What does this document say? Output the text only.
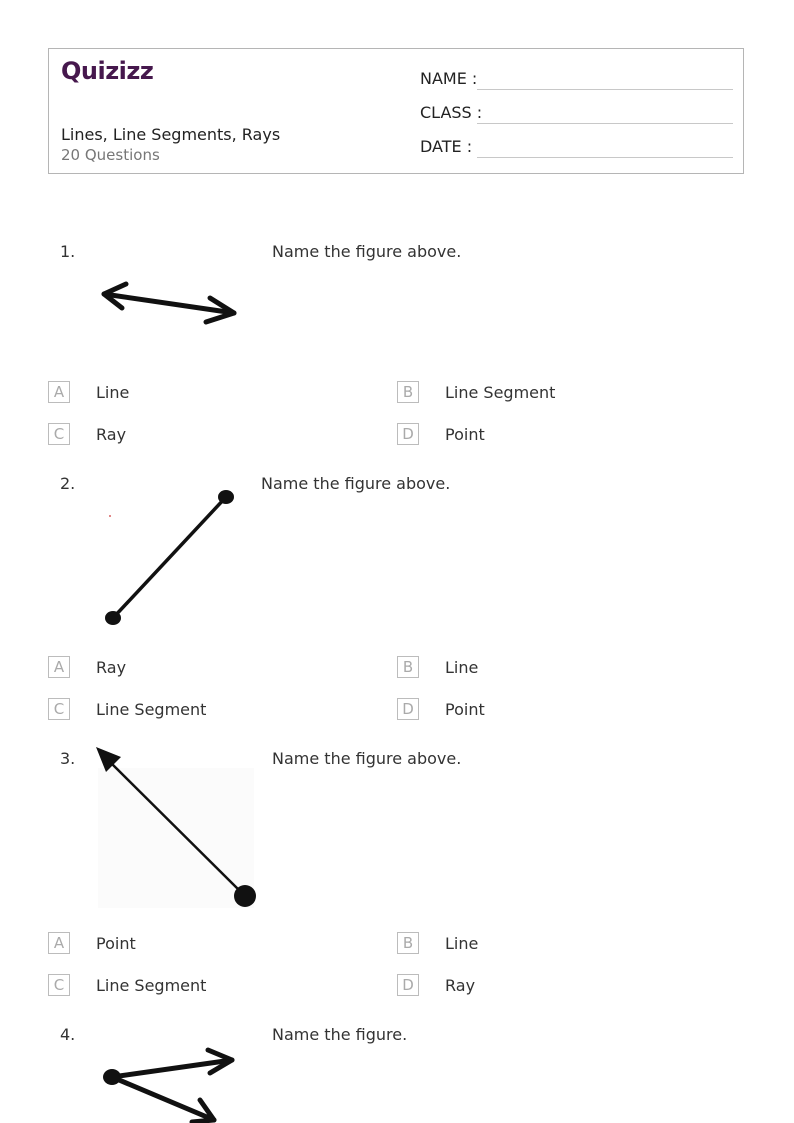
Quizizz
Lines, Line Segments, Rays
20 Questions
NAME :
CLASS :
DATE :
1.	Name the figure above.
A	Line	B	Line Segment
C	Ray	D	Point
2.	Name the figure above.
A	Ray	B	Line
C	Line Segment	D	Point
3.	Name the figure above.
A	Point	B	Line
C	Line Segment	D	Ray
4.	Name the figure.
